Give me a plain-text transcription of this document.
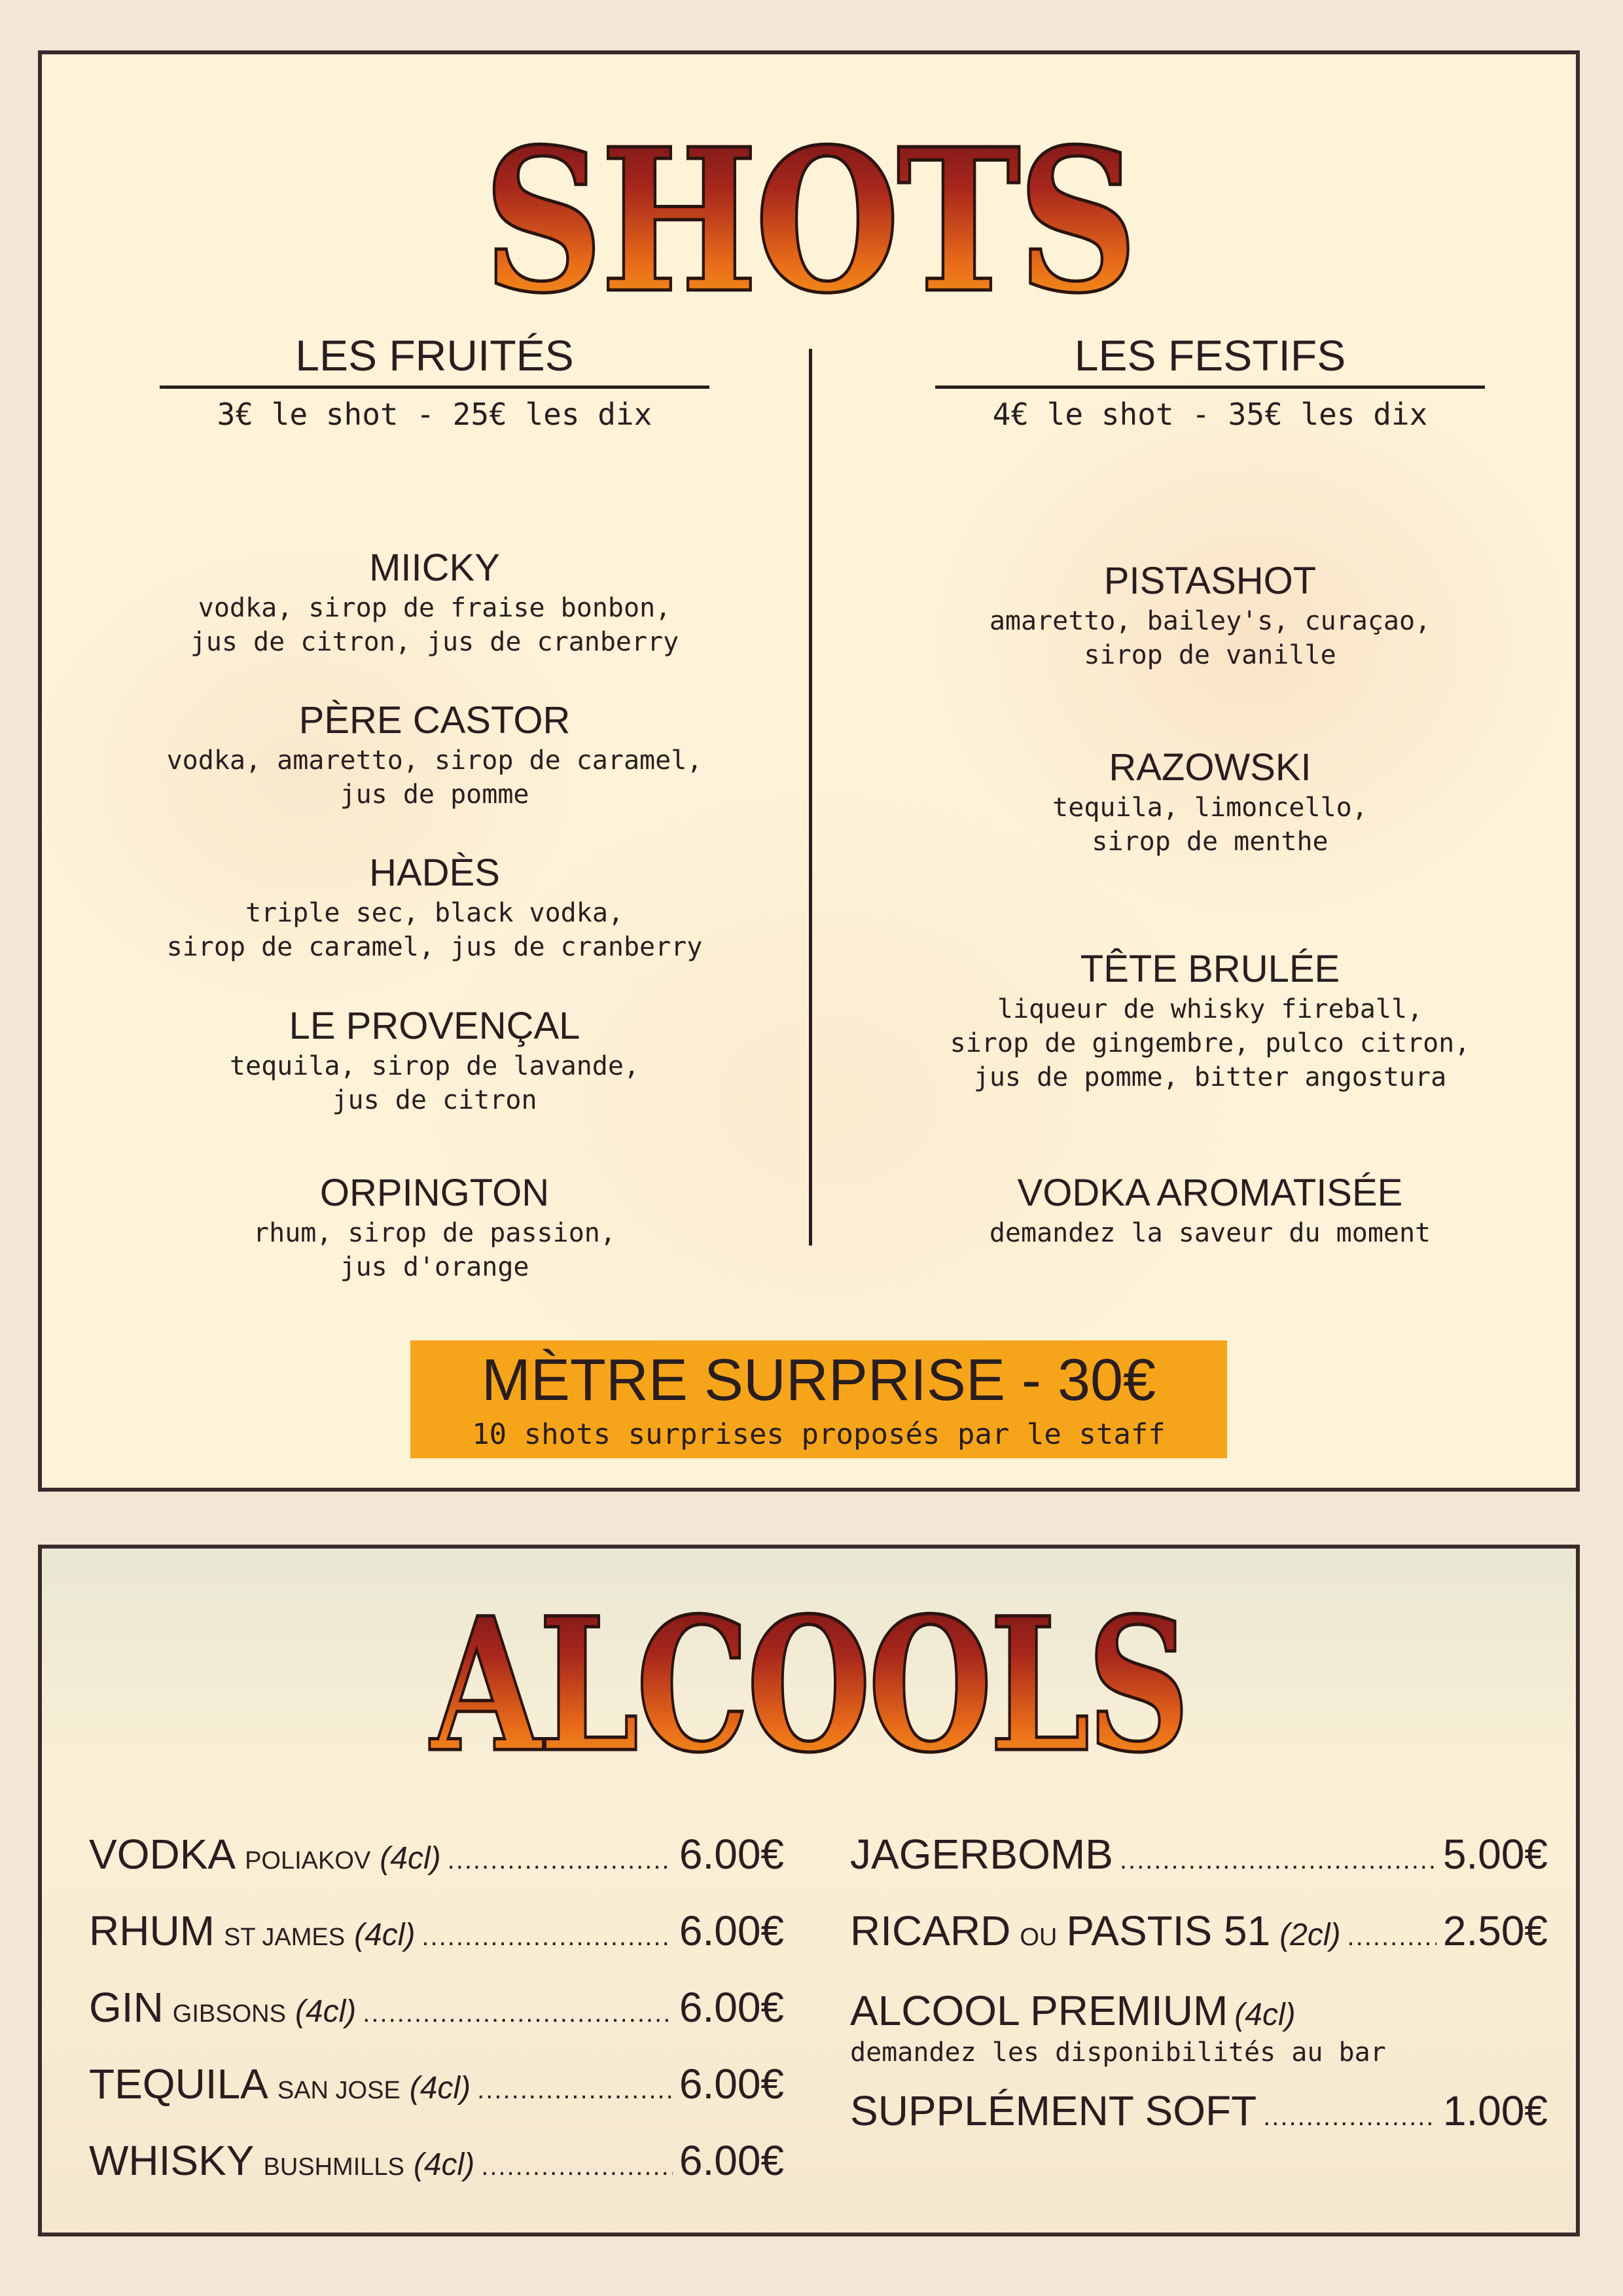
SHOTS
LES FRUITÉS
3€ le shot - 25€ les dix
MIICKY
vodka, sirop de fraise bonbon,
jus de citron, jus de cranberry
PÈRE CASTOR
vodka, amaretto, sirop de caramel,
jus de pomme
HADÈS
triple sec, black vodka,
sirop de caramel, jus de cranberry
LE PROVENÇAL
tequila, sirop de lavande,
jus de citron
ORPINGTON
rhum, sirop de passion,
jus d'orange
LES FESTIFS
4€ le shot - 35€ les dix
PISTASHOT
amaretto, bailey's, curaçao,
sirop de vanille
RAZOWSKI
tequila, limoncello,
sirop de menthe
TÊTE BRULÉE
liqueur de whisky fireball,
sirop de gingembre, pulco citron,
jus de pomme, bitter angostura
VODKA AROMATISÉE
demandez la saveur du moment
MÈTRE SURPRISE - 30€
10 shots surprises proposés par le staff
ALCOOLS
VODKA POLIAKOV (4cl) .....	6.00€
RHUM ST JAMES (4cl) .....	6.00€
GIN GIBSONS (4cl) .....	6.00€
TEQUILA SAN JOSE (4cl) .....	6.00€
WHISKY BUSHMILLS (4cl) .....	6.00€
JAGERBOMB .....	5.00€
RICARD OU PASTIS 51 (2cl) ..... 2.50€
ALCOOL PREMIUM (4cl)
demandez les disponibilités au bar
SUPPLÉMENT SOFT .....	1.00€
